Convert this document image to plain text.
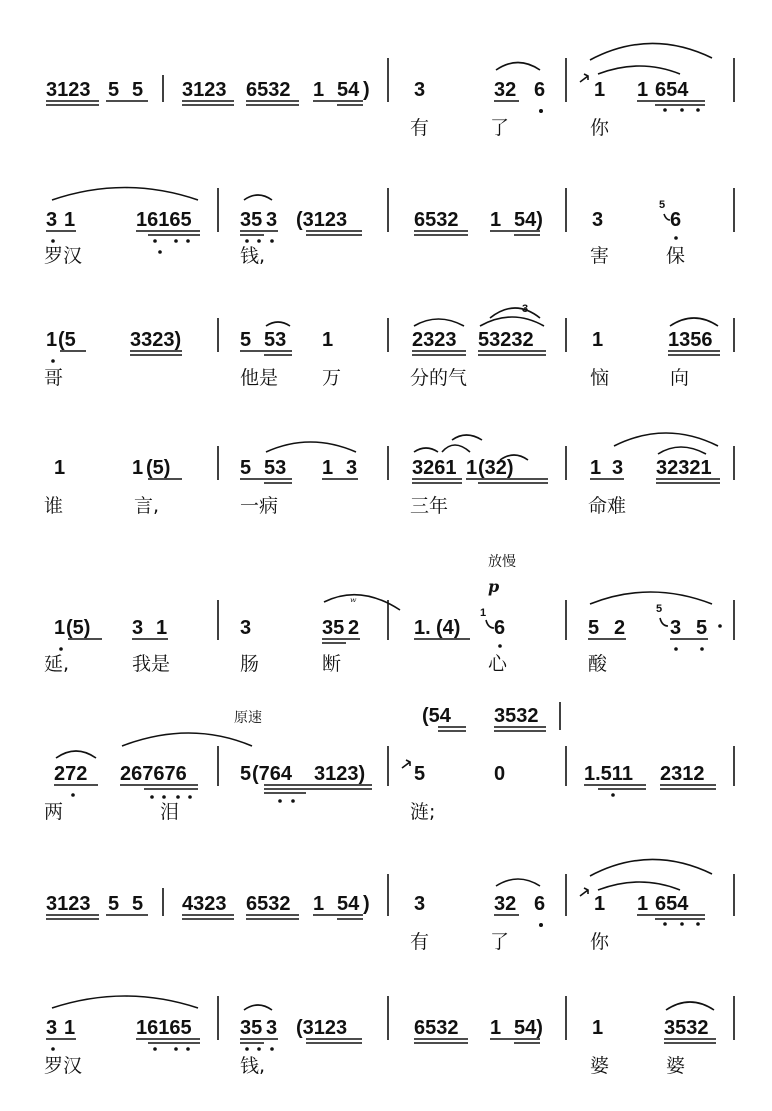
3123 5 5 3123 6532 1 54 ) 3	32 6 1 1 654
有	了	你
3 1	16165 35 3 (3123	6532 1 54) 3
5
6
罗汉	钱,	害	保
1 (5	3323)	5 53 1	2323 53232
3
1	1356
哥	他是 万	分的气	恼	向
1	1 (5)	5 53 1 3	3261 1 (32)	1 3 32321
谁	言,	一病	三年	命难
放慢
p
1 (5) 3 1	3	35 2
ʷ
1. (4)
1
6	5 2
5
3 5
延,	我是	肠	断	心	酸
原速	(54 3532
272 267676	5 (764 3123) 5	0	1.511 2312
两	泪	涟;
3123 5 5 4323 6532 1 54 ) 3	32 6 1 1 654
有	了	你
3 1	16165 35 3 (3123	6532 1 54) 1	3532
罗汉	钱,	婆	婆
